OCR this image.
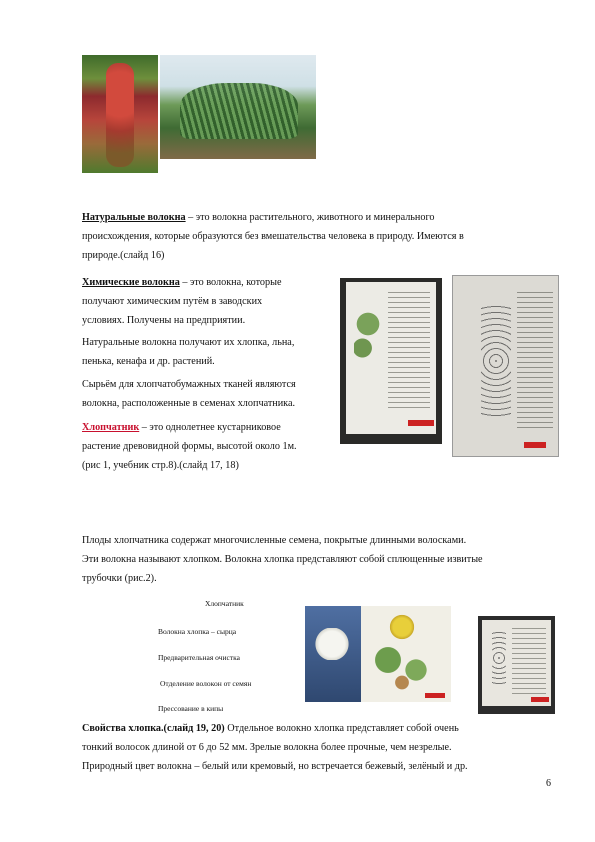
Натуральные волокна – это волокна растительного, животного и минерального
происхождения, которые образуются без вмешательства человека в природу. Имеются в
природе.(слайд 16)
Химические волокна – это волокна, которые
получают химическим путём в заводских
условиях. Получены на предприятии.
Натуральные волокна получают их хлопка, льна,
пенька, кенафа и др. растений.
Сырьём для хлопчатобумажных тканей являются
волокна, расположенные в семенах хлопчатника.
Хлопчатник – это однолетнее кустарниковое
растение древовидной формы, высотой около 1м.
(рис 1, учебник стр.8).(слайд 17, 18)
Плоды хлопчатника содержат многочисленные семена, покрытые длинными волосками.
Эти волокна называют хлопком. Волокна хлопка представляют собой сплющенные извитые
трубочки (рис.2).
Хлопчатник
Волокна хлопка – сырца
Предварительная очистка
Отделение волокон от семян
Прессование в кипы
Свойства хлопка.(слайд 19, 20) Отдельное волокно хлопка представляет собой очень
тонкий волосок длиной от 6 до 52 мм. Зрелые волокна более прочные, чем незрелые.
Природный цвет волокна – белый или кремовый, но встречается бежевый, зелёный и др.
6
